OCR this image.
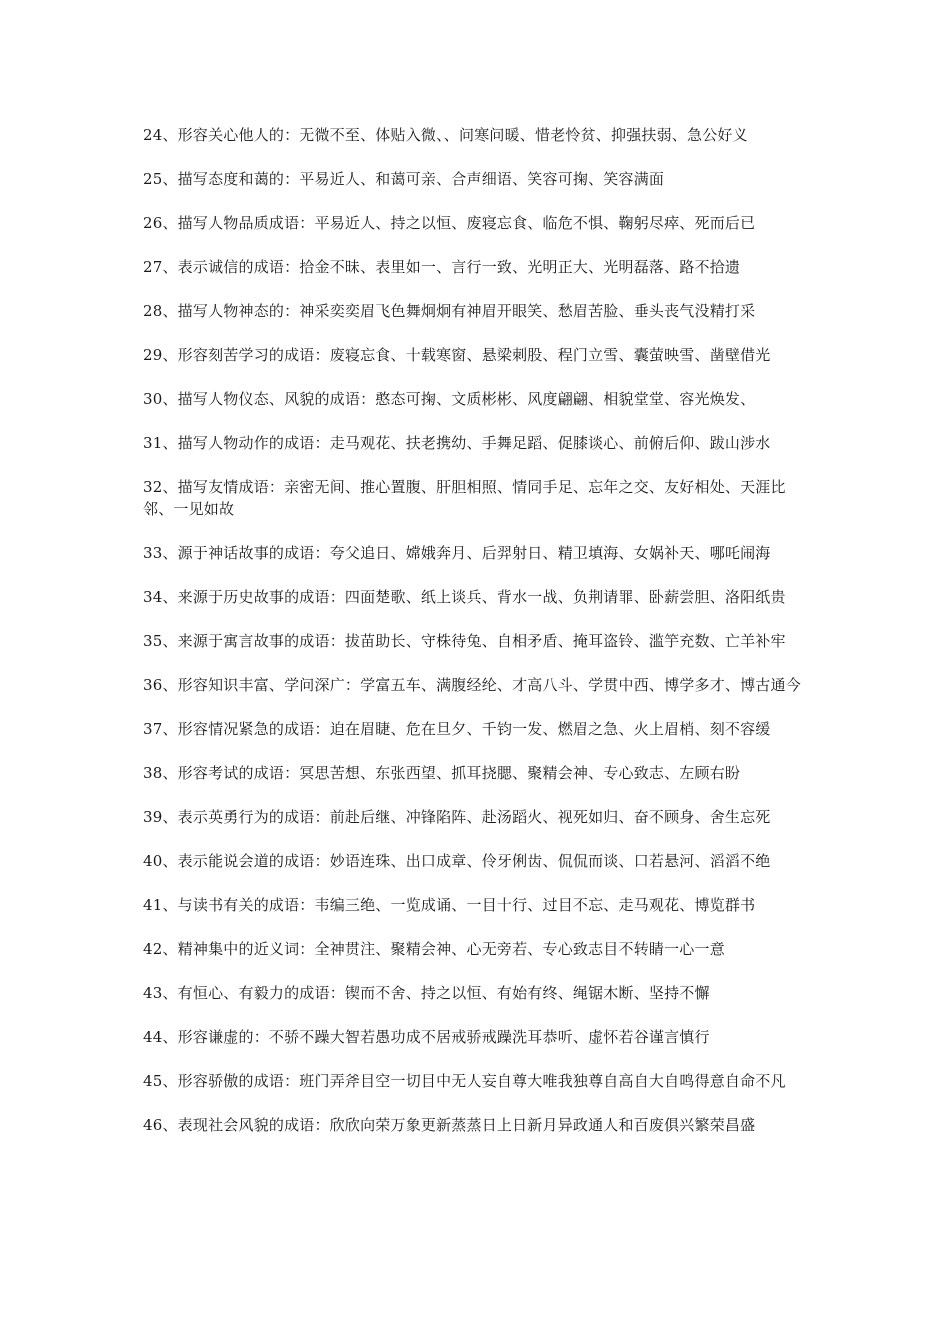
24、形容关心他人的：无微不至、体贴入微、、问寒问暖、惜老怜贫、抑强扶弱、急公好义

25、描写态度和蔼的：平易近人、和蔼可亲、合声细语、笑容可掬、笑容满面

26、描写人物品质成语：平易近人、持之以恒、废寝忘食、临危不惧、鞠躬尽瘁、死而后已

27、表示诚信的成语：拾金不昧、表里如一、言行一致、光明正大、光明磊落、路不拾遗

28、描写人物神态的：神采奕奕眉飞色舞炯炯有神眉开眼笑、愁眉苦脸、垂头丧气没精打采

29、形容刻苦学习的成语：废寝忘食、十载寒窗、悬梁刺股、程门立雪、囊萤映雪、凿壁借光

30、描写人物仪态、风貌的成语：憨态可掬、文质彬彬、风度翩翩、相貌堂堂、容光焕发、

31、描写人物动作的成语：走马观花、扶老携幼、手舞足蹈、促膝谈心、前俯后仰、跋山涉水

32、描写友情成语：亲密无间、推心置腹、肝胆相照、情同手足、忘年之交、友好相处、天涯比邻、一见如故

33、源于神话故事的成语：夸父追日、嫦娥奔月、后羿射日、精卫填海、女娲补天、哪吒闹海

34、来源于历史故事的成语：四面楚歌、纸上谈兵、背水一战、负荆请罪、卧薪尝胆、洛阳纸贵

35、来源于寓言故事的成语：拔苗助长、守株待兔、自相矛盾、掩耳盗铃、滥竽充数、亡羊补牢

36、形容知识丰富、学问深广：学富五车、满腹经纶、才高八斗、学贯中西、博学多才、博古通今

37、形容情况紧急的成语：迫在眉睫、危在旦夕、千钧一发、燃眉之急、火上眉梢、刻不容缓

38、形容考试的成语：冥思苦想、东张西望、抓耳挠腮、聚精会神、专心致志、左顾右盼

39、表示英勇行为的成语：前赴后继、冲锋陷阵、赴汤蹈火、视死如归、奋不顾身、舍生忘死

40、表示能说会道的成语：妙语连珠、出口成章、伶牙俐齿、侃侃而谈、口若悬河、滔滔不绝

41、与读书有关的成语：韦编三绝、一览成诵、一目十行、过目不忘、走马观花、博览群书

42、精神集中的近义词：全神贯注、聚精会神、心无旁若、专心致志目不转睛一心一意

43、有恒心、有毅力的成语：锲而不舍、持之以恒、有始有终、绳锯木断、坚持不懈

44、形容谦虚的：不骄不躁大智若愚功成不居戒骄戒躁洗耳恭听、虚怀若谷谨言慎行

45、形容骄傲的成语：班门弄斧目空一切目中无人妄自尊大唯我独尊自高自大自鸣得意自命不凡

46、表现社会风貌的成语：欣欣向荣万象更新蒸蒸日上日新月异政通人和百废俱兴繁荣昌盛
